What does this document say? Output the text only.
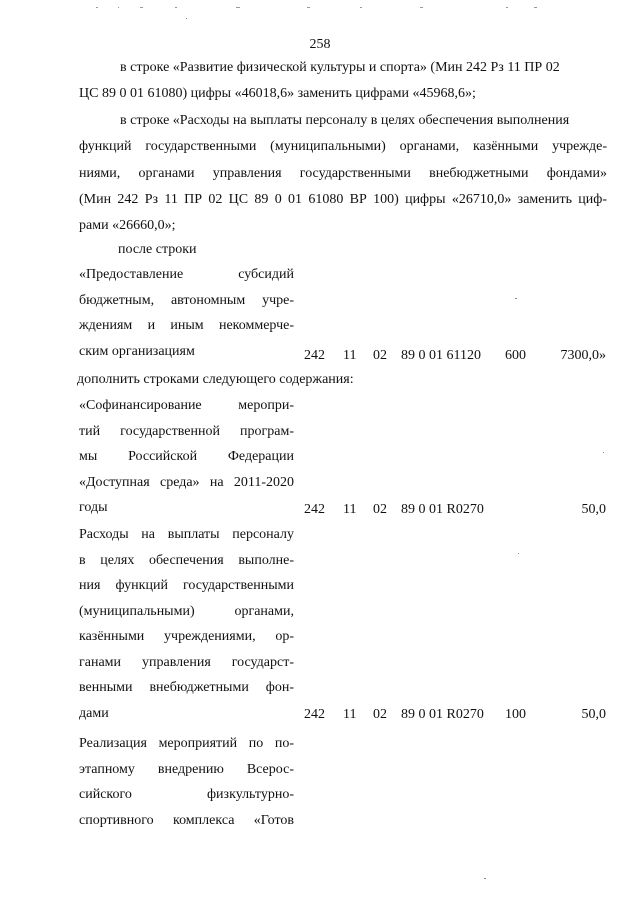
258
в строке «Развитие физической культуры и спорта» (Мин 242 Рз 11 ПР 02
ЦС 89 0 01 61080) цифры «46018,6» заменить цифрами «45968,6»;
в строке «Расходы на выплаты персоналу в целях обеспечения выполнения
функций государственными (муниципальными) органами, казёнными учрежде-
ниями, органами управления государственными внебюджетными фондами»
(Мин 242 Рз 11 ПР 02 ЦС 89 0 01 61080 ВР 100) цифры «26710,0» заменить циф-
рами «26660,0»;
после строки
«Предоставление субсидий
бюджетным, автономным учре-
ждениям и иным некоммерче-
ским организациям	242 11 02 89 0 01 61120 600 7300,0»
дополнить строками следующего содержания:
«Софинансирование меропри-
тий государственной програм-
мы Российской Федерации
«Доступная среда» на 2011-2020
годы	242 11 02 89 0 01 R0270	50,0
Расходы на выплаты персоналу
в целях обеспечения выполне-
ния функций государственными
(муниципальными) органами,
казёнными учреждениями, ор-
ганами управления государст-
венными внебюджетными фон-
дами	242 11 02 89 0 01 R0270 100	50,0
Реализация мероприятий по по-
этапному внедрению Всерос-
сийского физкультурно-
спортивного комплекса «Готов
